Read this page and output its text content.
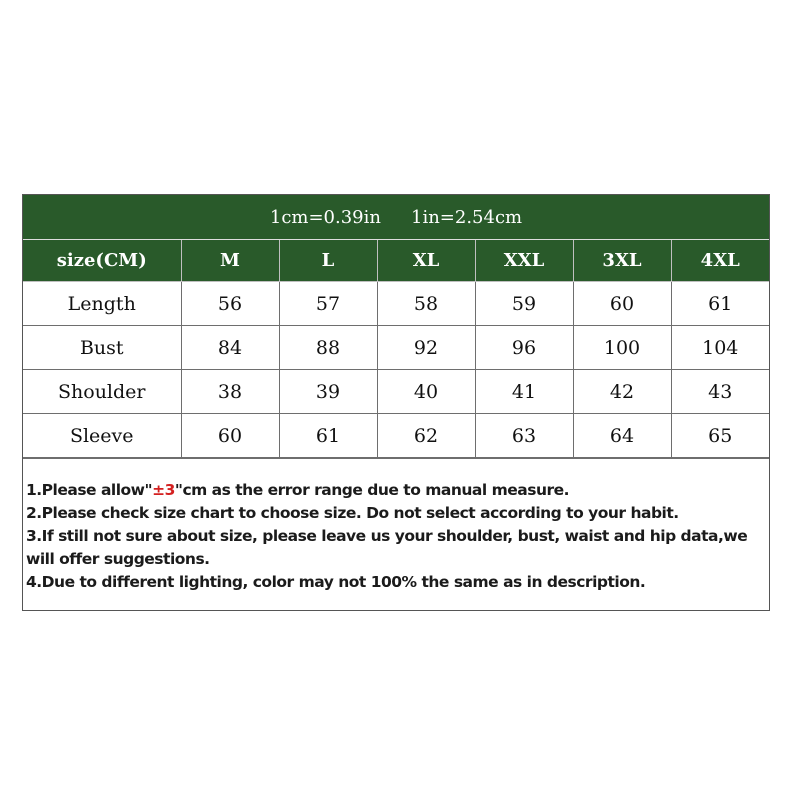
1cm=0.39in 1in=2.54cm
size(CM)	M	L	XL	XXL	3XL	4XL
Length	56	57	58	59	60	61
Bust	84	88	92	96	100	104
Shoulder	38	39	40	41	42	43
Sleeve	60	61	62	63	64	65
1.Please allow"±3"cm as the error range due to manual measure.
2.Please check size chart to choose size. Do not select according to your habit.
3.If still not sure about size, please leave us your shoulder, bust, waist and hip data,we will offer suggestions.
4.Due to different lighting, color may not 100% the same as in description.
